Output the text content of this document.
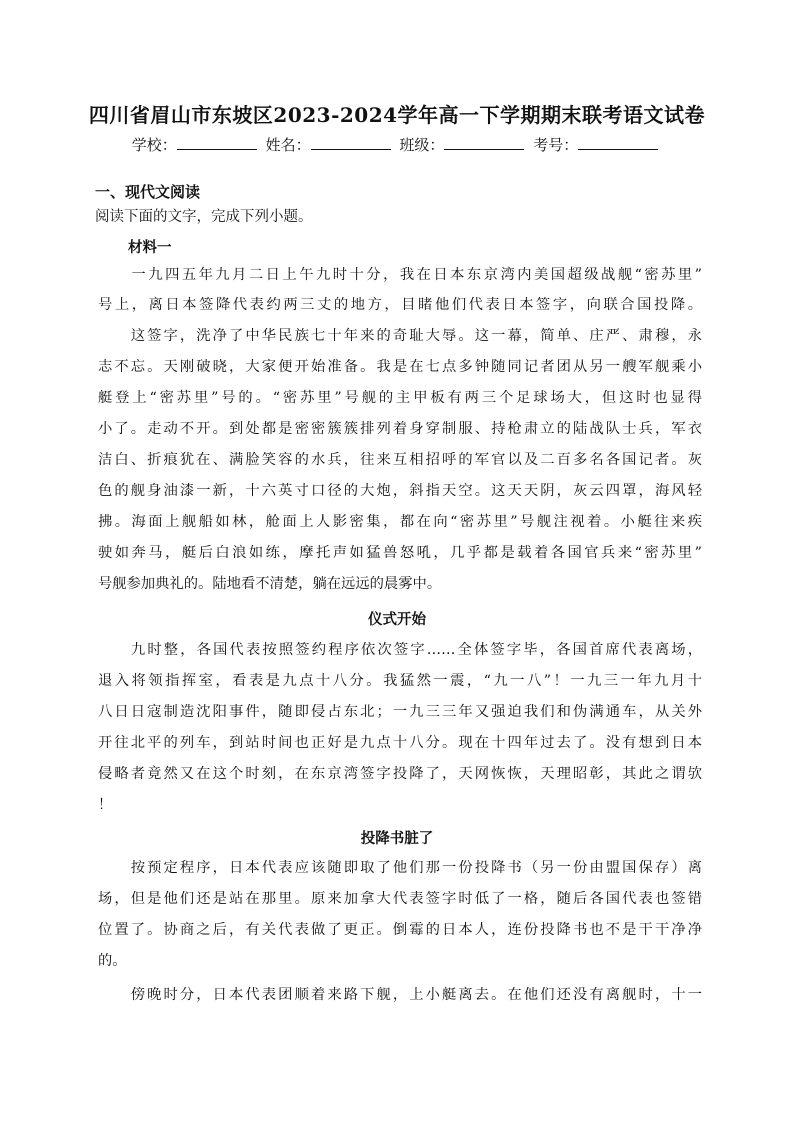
四川省眉山市东坡区2023-2024学年高一下学期期末联考语文试卷
学校：	姓名：	班级：	考号：
一、现代文阅读
阅读下面的文字，完成下列小题。
材料一
　　一九四五年九月二日上午九时十分，我在日本东京湾内美国超级战舰“密苏里”
号上，离日本签降代表约两三丈的地方，目睹他们代表日本签字，向联合国投降。
　　这签字，洗净了中华民族七十年来的奇耻大辱。这一幕，简单、庄严、肃穆，永
志不忘。天刚破晓，大家便开始准备。我是在七点多钟随同记者团从另一艘军舰乘小
艇登上“密苏里”号的。“密苏里”号舰的主甲板有两三个足球场大，但这时也显得
小了。走动不开。到处都是密密簇簇排列着身穿制服、持枪肃立的陆战队士兵，军衣
洁白、折痕犹在、满脸笑容的水兵，往来互相招呼的军官以及二百多名各国记者。灰
色的舰身油漆一新，十六英寸口径的大炮，斜指天空。这天天阴，灰云四罩，海风轻
拂。海面上舰船如林，舱面上人影密集，都在向“密苏里”号舰注视着。小艇往来疾
驶如奔马，艇后白浪如练，摩托声如猛兽怒吼，几乎都是载着各国官兵来“密苏里”
号舰参加典礼的。陆地看不清楚，躺在远远的晨雾中。
仪式开始
　　九时整，各国代表按照签约程序依次签字……全体签字毕，各国首席代表离场，
退入将领指挥室，看表是九点十八分。我猛然一震，“九一八”！一九三一年九月十
八日日寇制造沈阳事件，随即侵占东北；一九三三年又强迫我们和伪满通车，从关外
开往北平的列车，到站时间也正好是九点十八分。现在十四年过去了。没有想到日本
侵略者竟然又在这个时刻，在东京湾签字投降了，天网恢恢，天理昭彰，其此之谓欤
！
投降书脏了
　　按预定程序，日本代表应该随即取了他们那一份投降书（另一份由盟国保存）离
场，但是他们还是站在那里。原来加拿大代表签字时低了一格，随后各国代表也签错
位置了。协商之后，有关代表做了更正。倒霉的日本人，连份投降书也不是干干净净
的。
　　傍晚时分，日本代表团顺着来路下舰，上小艇离去。在他们还没有离舰时，十一
